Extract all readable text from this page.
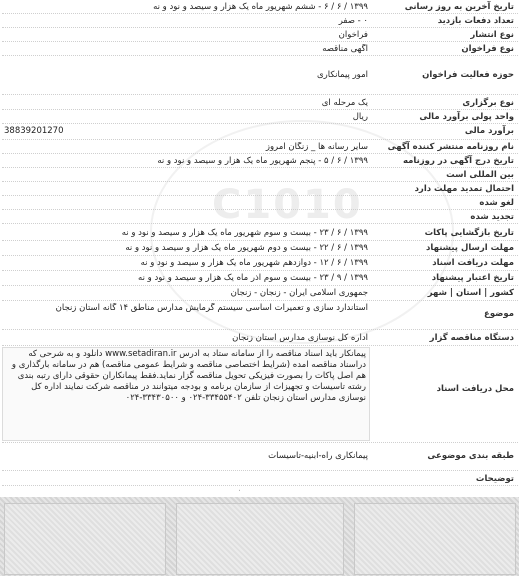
C1010
تاریخ آخرین به روز رسانی
۱۳۹۹ / ۶ / ۶ - ششم شهریور ماه یک هزار و سیصد و نود و نه
تعداد دفعات بازدید
۰ - صفر
نوع انتشار
فراخوان
نوع فراخوان
آگهی مناقصه
حوزه فعالیت فراخوان
امور پیمانکاری
نوع برگزاری
یک مرحله ای
واحد پولی برآورد مالی
ریال
برآورد مالی
38839201270
نام روزنامه منتشر کننده آگهی
سایر رسانه ها _ زنگان امروز
تاریخ درج آگهی در روزنامه
۱۳۹۹ / ۶ / ۵ - پنجم شهریور ماه یک هزار و سیصد و نود و نه
بین المللی است
احتمال تمدید مهلت دارد
لغو شده
تجدید شده
تاریخ بازگشایی پاکات
۱۳۹۹ / ۶ / ۲۳ - بیست و سوم شهریور ماه یک هزار و سیصد و نود و نه
مهلت ارسال پیشنهاد
۱۳۹۹ / ۶ / ۲۲ - بیست و دوم شهریور ماه یک هزار و سیصد و نود و نه
مهلت دریافت اسناد
۱۳۹۹ / ۶ / ۱۲ - دوازدهم شهریور ماه یک هزار و سیصد و نود و نه
تاریخ اعتبار پیشنهاد
۱۳۹۹ / ۹ / ۲۳ - بیست و سوم آذر ماه یک هزار و سیصد و نود و نه
کشور | استان | شهر
جمهوری اسلامی ایران - زنجان - زنجان
موضوع
استاندارد سازی و تعمیرات اساسی سیستم گرمایش مدارس مناطق ۱۴ گانه استان زنجان
دستگاه مناقصه گزار
اداره کل نوسازی مدارس استان زنجان
محل دریافت اسناد
پیمانکار باید اسناد مناقصه را از سامانه ستاد به آدرس www.setadiran.ir دانلود و به شرحی که دراسناد مناقصه امده (شرایط اختصاصی مناقصه و شرایط عمومی مناقصه) هم در سامانه بارگذاری و هم اصل پاکات را بصورت فیزیکی تحویل مناقصه گزار نماید.فقط پیمانکاران حقوقی دارای رتبه بندی رشته تاسیسات و تجهیزات از سازمان برنامه و بودجه میتوانند در مناقصه شرکت نمایند اداره کل نوسازی مدارس استان زنجان تلفن ۳۳۴۵۵۴۰۲-۰۲۴ و ۳۳۴۳۰۵۰۰-۰۲۴
طبقه بندی موضوعی
پیمانکاری راه-ابنیه-تاسیسات
توضیحات
٠
